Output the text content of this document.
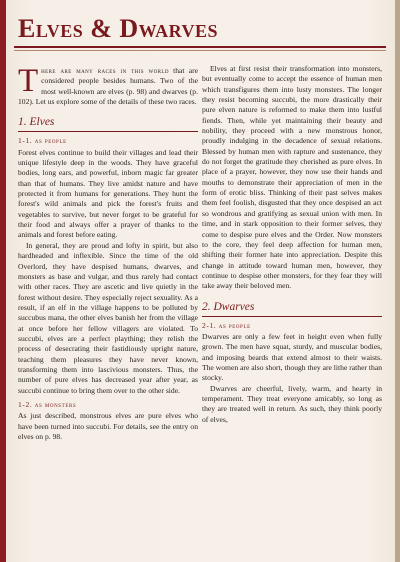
Elves & Dwarves
T here are many races in this world that are considered people besides humans. Two of the most well-known are elves (p. 98) and dwarves (p. 102). Let us explore some of the details of these two races.
1. Elves
1-1. as people

Forest elves continue to build their villages and lead their unique lifestyle deep in the woods. They have graceful bodies, long ears, and powerful, inborn magic far greater than that of humans. They live amidst nature and have protected it from humans for generations. They hunt the forest's wild animals and pick the forest's fruits and vegetables to survive, but never forget to be grateful for their food and always offer a prayer of thanks to the animals and forest before eating.

In general, they are proud and lofty in spirit, but also hardheaded and inflexible. Since the time of the old Overlord, they have despised humans, dwarves, and monsters as base and vulgar, and thus rarely had contact with other races. They are ascetic and live quietly in the forest without desire. They especially reject sexuality. As a result, if an elf in the village happens to be polluted by succubus mana, the other elves banish her from the village at once before her fellow villagers are violated. To succubi, elves are a perfect plaything; they relish the process of desecrating their fastidiously upright nature, teaching them pleasures they have never known, transforming them into lascivious monsters. Thus, the number of pure elves has decreased year after year, as succubi continue to bring them over to the other side.

1-2. as monsters

As just described, monstrous elves are pure elves who have been turned into succubi. For details, see the entry on elves on p. 98.

Elves at first resist their transformation into monsters, but eventually come to accept the essence of human men which transfigures them into lusty monsters. The longer they resist becoming succubi, the more drastically their pure elven nature is reformed to make them into lustful fiends. Then, while yet maintaining their beauty and nobility, they proceed with a new monstrous honor, proudly indulging in the decadence of sexual relations. Blessed by human men with rapture and sustenance, they do not forget the gratitude they cherished as pure elves. In place of a prayer, however, they now use their hands and mouths to demonstrate their appreciation of men in the form of erotic bliss. Thinking of their past selves makes them feel foolish, disgusted that they once despised an act so wondrous and gratifying as sexual union with men. In time, and in stark opposition to their former selves, they come to despise pure elves and the Order. Now monsters to the core, they feel deep affection for human men, shifting their former hate into appreciation. Despite this change in attitude toward human men, however, they continue to despise other monsters, for they fear they will take away their beloved men.

2. Dwarves
2-1. as people

Dwarves are only a few feet in height even when fully grown. The men have squat, sturdy, and muscular bodies, and imposing beards that extend almost to their waists. The women are also short, though they are lithe rather than stocky.

Dwarves are cheerful, lively, warm, and hearty in temperament. They treat everyone amicably, so long as they are treated well in return. As such, they think poorly of elves,
